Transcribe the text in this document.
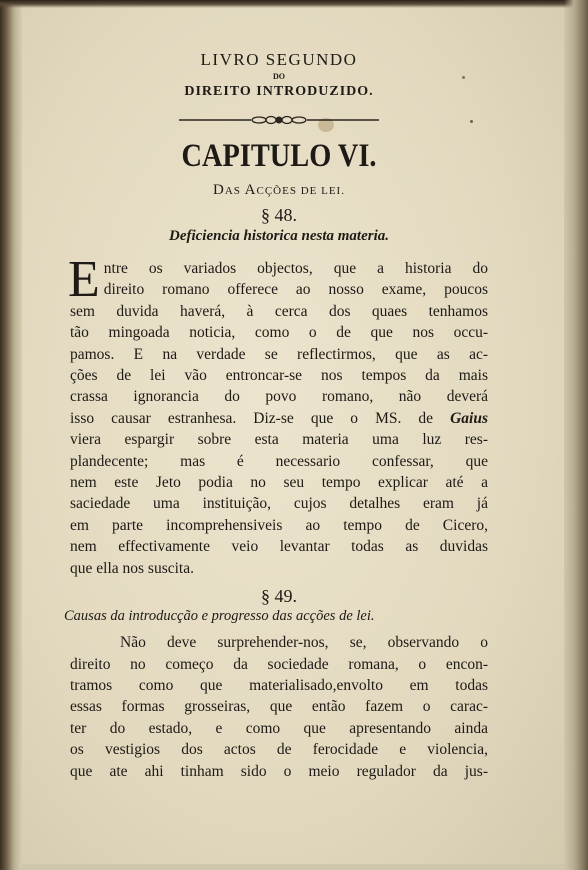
LIVRO SEGUNDO

DO

DIREITO INTRODUZIDO.

CAPITULO VI.

DAS ACÇÕES DE LEI.

§ 48.

Deficiencia historica nesta materia.

E ntre os variados objectos, que a historia do
direito romano offerece ao nosso exame, poucos
sem duvida haverá, à cerca dos quaes tenhamos
tão mingoada noticia, como o de que nos occu-
pamos. E na verdade se reflectirmos, que as ac-
ções de lei vão entroncar-se nos tempos da mais
crassa ignorancia do povo romano, não deverá
isso causar estranhesa. Diz-se que o MS. de Gaius
viera espargir sobre esta materia uma luz res-
plandecente; mas é necessario confessar, que
nem este Jeto podia no seu tempo explicar até a
saciedade uma instituição, cujos detalhes eram já
em parte incomprehensiveis ao tempo de Cicero,
nem effectivamente veio levantar todas as duvidas
que ella nos suscita.

§ 49.

Causas da introducção e progresso das acções de lei.

Não deve surprehender-nos, se, observando o
direito no começo da sociedade romana, o encon-
tramos como que materialisado,envolto em todas
essas formas grosseiras, que então fazem o carac-
ter do estado, e como que apresentando ainda
os vestigios dos actos de ferocidade e violencia,
que ate ahi tinham sido o meio regulador da jus-
